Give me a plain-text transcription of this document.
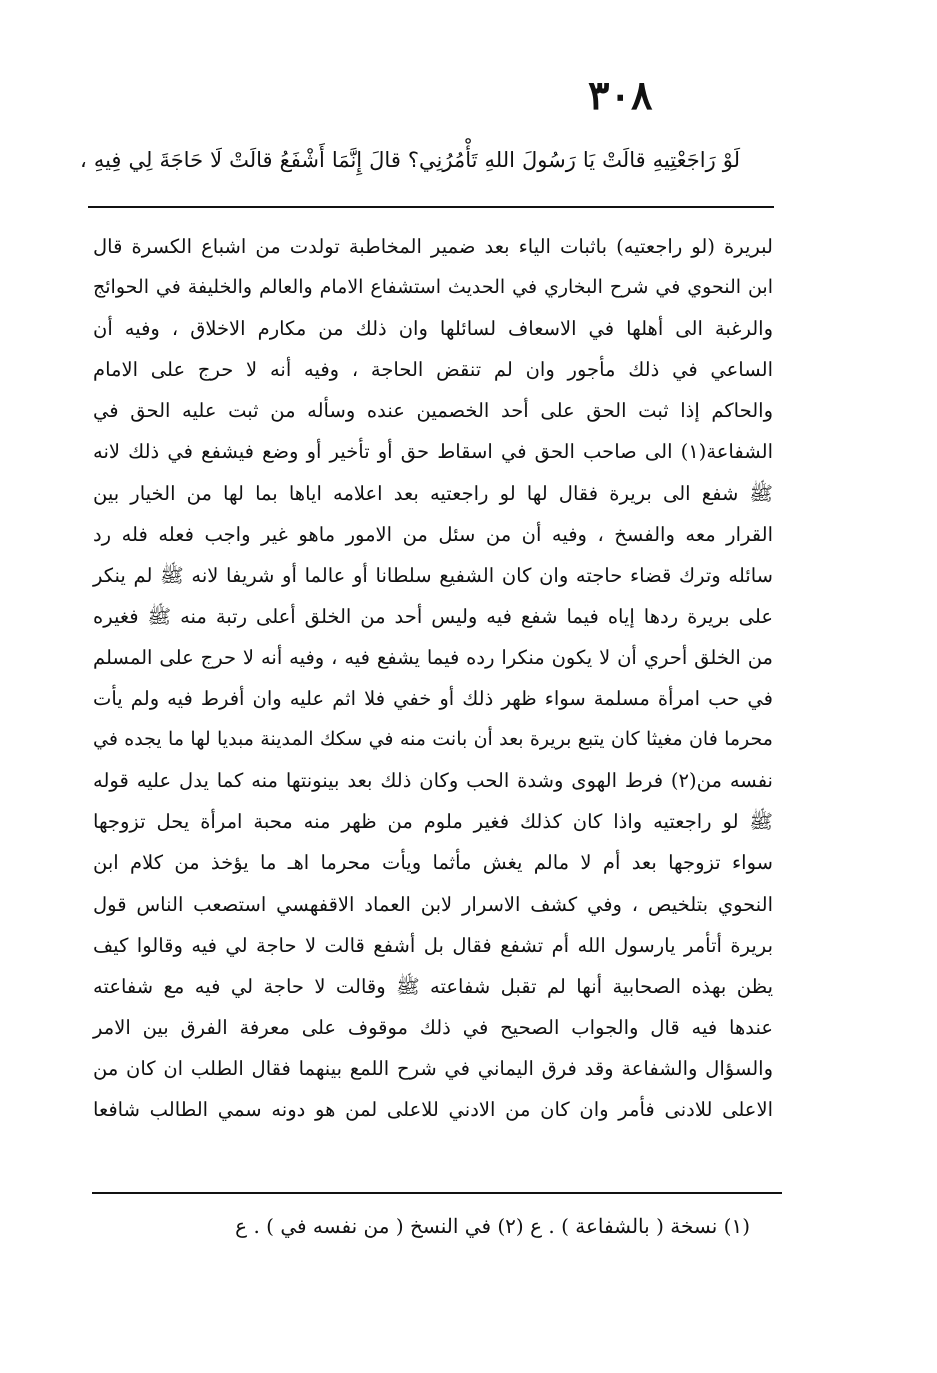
٣٠٨
لَوْ رَاجَعْتِيهِ قالَتْ يَا رَسُولَ اللهِ تَأْمُرُنِي؟ قالَ إِنَّمَا أَشْفَعُ قالَتْ لَا حَاجَةَ لِي فِيهِ ،
لبريرة (لو راجعتيه) باثبات الياء بعد ضمير المخاطبة تولدت من اشباع الكسرة قال
ابن النحوي في شرح البخاري في الحديث استشفاع الامام والعالم والخليفة في الحوائج
والرغبة الى أهلها في الاسعاف لسائلها وان ذلك من مكارم الاخلاق ، وفيه أن
الساعي في ذلك مأجور وان لم تنقض الحاجة ، وفيه أنه لا حرج على الامام
والحاكم إذا ثبت الحق على أحد الخصمين عنده وسأله من ثبت عليه الحق في
الشفاعة(١) الى صاحب الحق في اسقاط حق أو تأخير أو وضع فيشفع في ذلك لانه
ﷺ شفع الى بريرة فقال لها لو راجعتيه بعد اعلامه اياها بما لها من الخيار بين
القرار معه والفسخ ، وفيه أن من سئل من الامور ماهو غير واجب فعله فله رد
سائله وترك قضاء حاجته وان كان الشفيع سلطانا أو عالما أو شريفا لانه ﷺ لم ينكر
على بريرة ردها إياه فيما شفع فيه وليس أحد من الخلق أعلى رتبة منه ﷺ فغيره
من الخلق أحري أن لا يكون منكرا رده فيما يشفع فيه ، وفيه أنه لا حرج على المسلم
في حب امرأة مسلمة سواء ظهر ذلك أو خفي فلا اثم عليه وان أفرط فيه ولم يأت
محرما فان مغيثا كان يتبع بريرة بعد أن بانت منه في سكك المدينة مبديا لها ما يجده في
نفسه من(٢) فرط الهوى وشدة الحب وكان ذلك بعد بينونتها منه كما يدل عليه قوله
ﷺ لو راجعتيه واذا كان كذلك فغير ملوم من ظهر منه محبة امرأة يحل تزوجها
سواء تزوجها بعد أم لا مالم يغش مأثما ويأت محرما اهـ ما يؤخذ من كلام ابن
النحوي بتلخيص ، وفي كشف الاسرار لابن العماد الاقفهسي استصعب الناس قول
بريرة أتأمر يارسول الله أم تشفع فقال بل أشفع قالت لا حاجة لي فيه وقالوا كيف
يظن بهذه الصحابية أنها لم تقبل شفاعته ﷺ وقالت لا حاجة لي فيه مع شفاعته
عندها فيه قال والجواب الصحيح في ذلك موقوف على معرفة الفرق بين الامر
والسؤال والشفاعة وقد فرق اليماني في شرح اللمع بينهما فقال الطلب ان كان من
الاعلى للادنى فأمر وان كان من الادني للاعلى لمن هو دونه سمي الطالب شافعا
(١) نسخة ( بالشفاعة ) . ع (٢) في النسخ ( من نفسه في ) . ع
